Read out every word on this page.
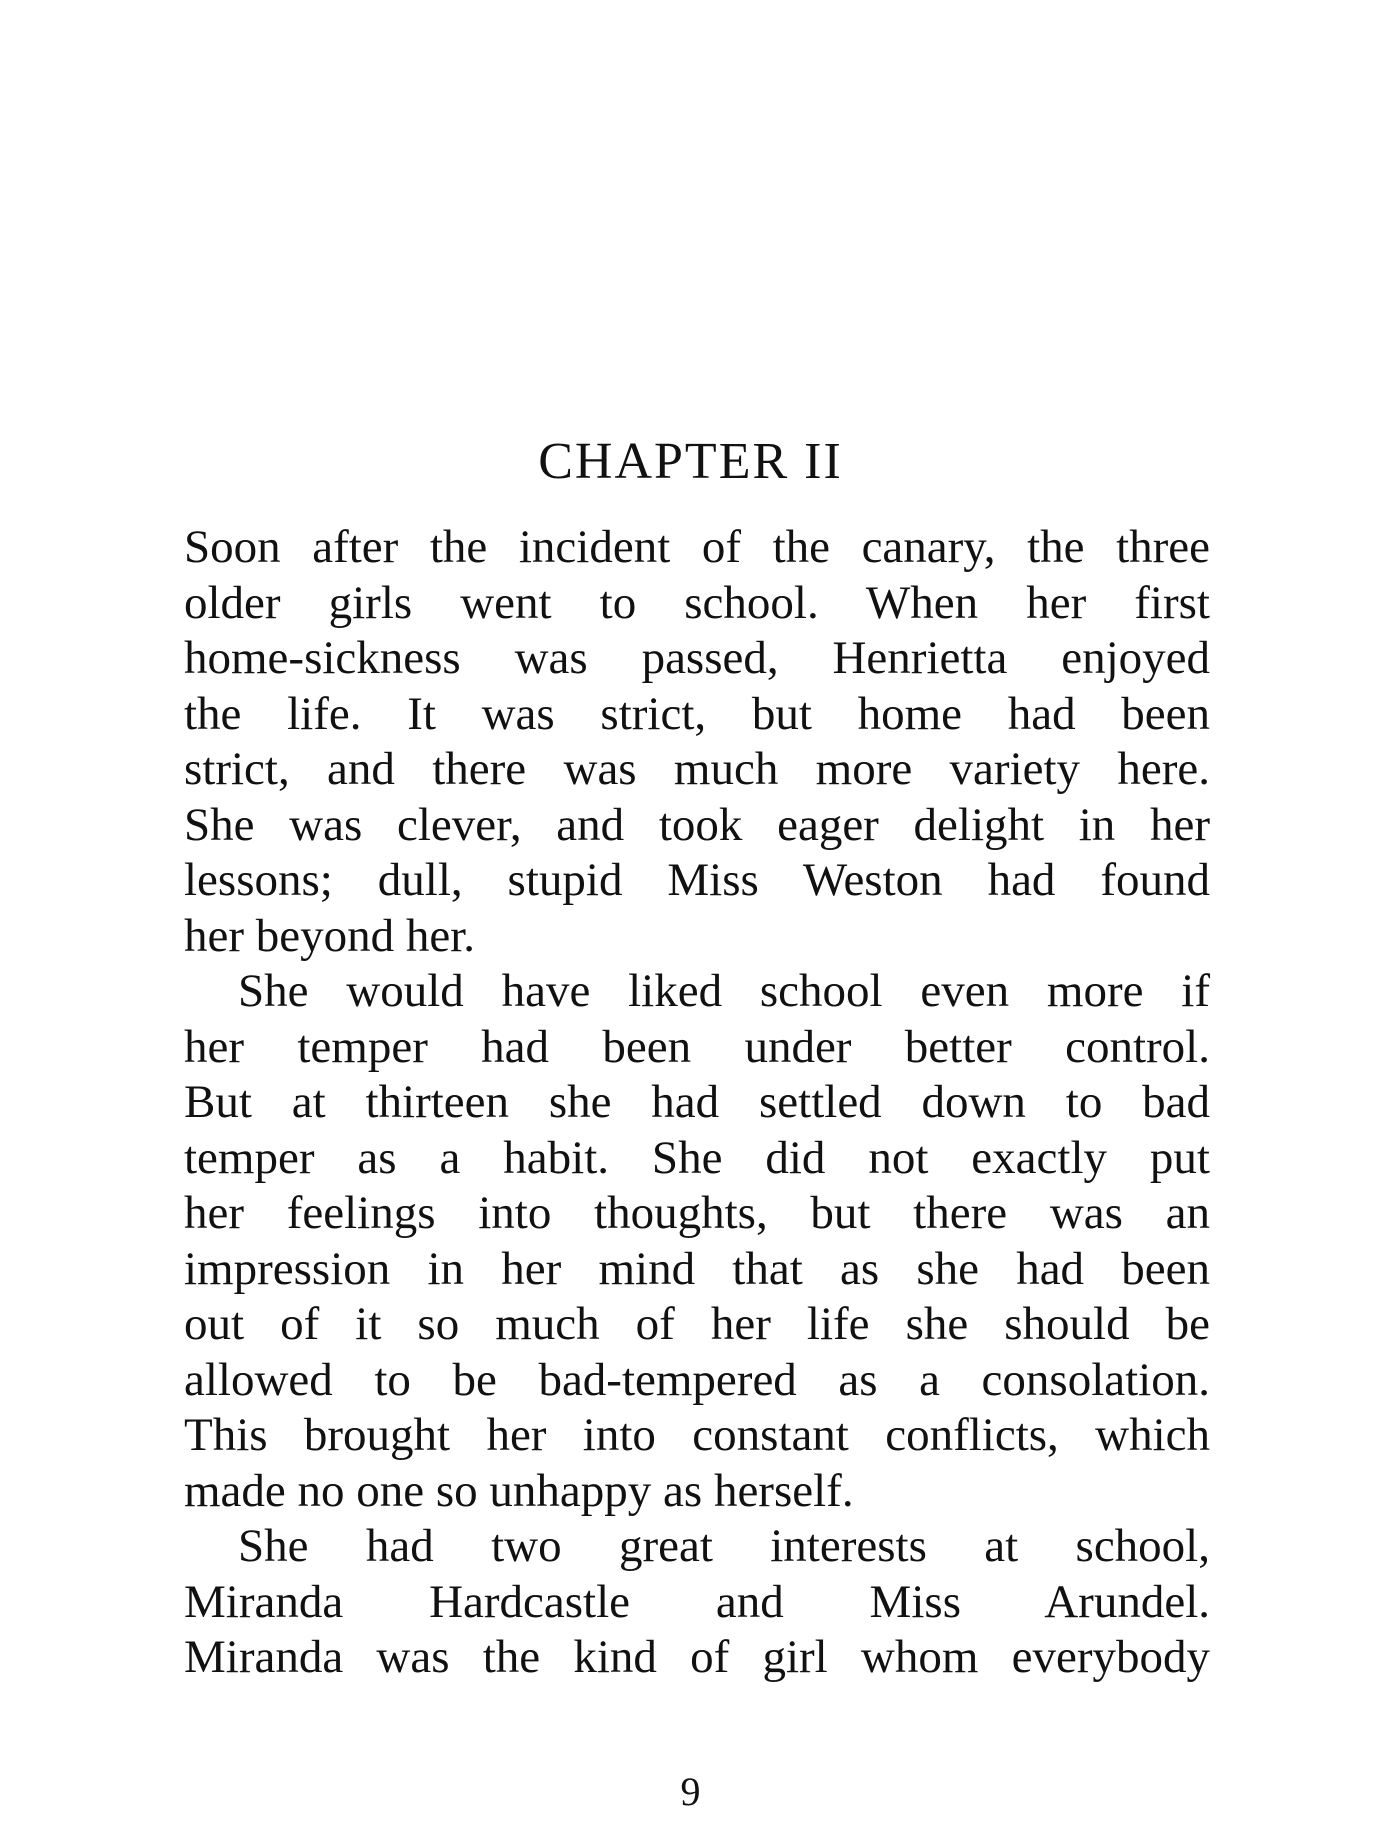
CHAPTER II
Soon after the incident of the canary, the three
older girls went to school. When her first
home-sickness was passed, Henrietta enjoyed
the life. It was strict, but home had been
strict, and there was much more variety here.
She was clever, and took eager delight in her
lessons; dull, stupid Miss Weston had found
her beyond her.
She would have liked school even more if
her temper had been under better control.
But at thirteen she had settled down to bad
temper as a habit. She did not exactly put
her feelings into thoughts, but there was an
impression in her mind that as she had been
out of it so much of her life she should be
allowed to be bad-tempered as a consolation.
This brought her into constant conflicts, which
made no one so unhappy as herself.
She had two great interests at school,
Miranda Hardcastle and Miss Arundel.
Miranda was the kind of girl whom everybody
9
